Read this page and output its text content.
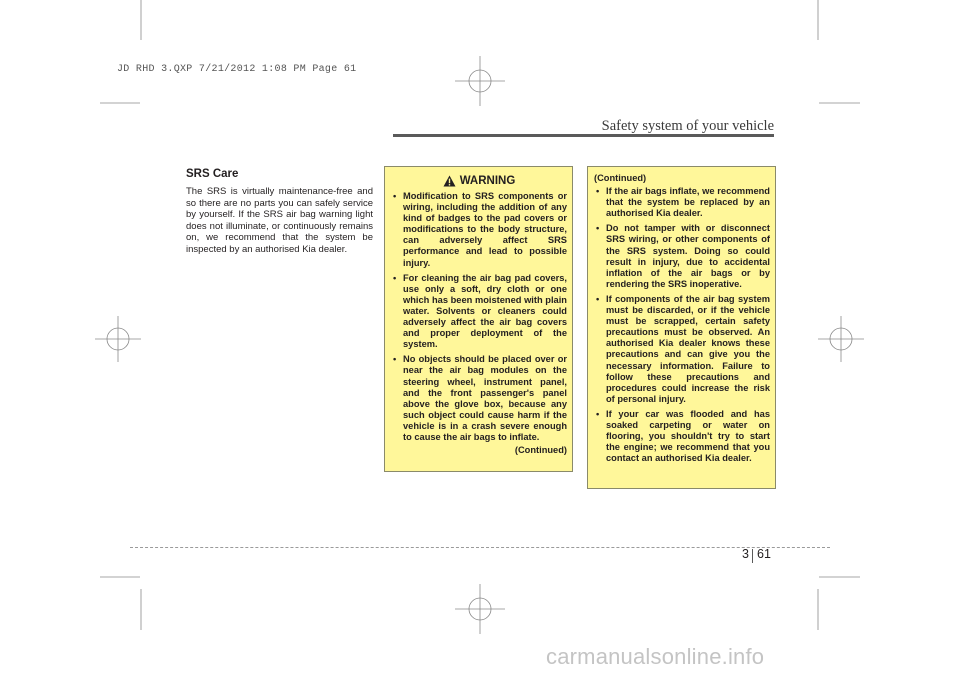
JD RHD 3.QXP 7/21/2012 1:08 PM Page 61
Safety system of your vehicle
SRS Care
The SRS is virtually maintenance-free and so there are no parts you can safely service by yourself. If the SRS air bag warning light does not illuminate, or continuously remains on, we recommend that the system be inspected by an authorised Kia dealer.
WARNING
• Modification to SRS components or wiring, including the addition of any kind of badges to the pad covers or modifications to the body structure, can adversely affect SRS performance and lead to possible injury.
• For cleaning the air bag pad covers, use only a soft, dry cloth or one which has been moistened with plain water. Solvents or cleaners could adversely affect the air bag covers and proper deployment of the system.
• No objects should be placed over or near the air bag modules on the steering wheel, instrument panel, and the front passenger's panel above the glove box, because any such object could cause harm if the vehicle is in a crash severe enough to cause the air bags to inflate.
(Continued)
(Continued)
• If the air bags inflate, we recommend that the system be replaced by an authorised Kia dealer.
• Do not tamper with or disconnect SRS wiring, or other components of the SRS system. Doing so could result in injury, due to accidental inflation of the air bags or by rendering the SRS inoperative.
• If components of the air bag system must be discarded, or if the vehicle must be scrapped, certain safety precautions must be observed. An authorised Kia dealer knows these precautions and can give you the necessary information. Failure to follow these precautions and procedures could increase the risk of personal injury.
• If your car was flooded and has soaked carpeting or water on flooring, you shouldn't try to start the engine; we recommend that you contact an authorised Kia dealer.
3 61
carmanualsonline.info
